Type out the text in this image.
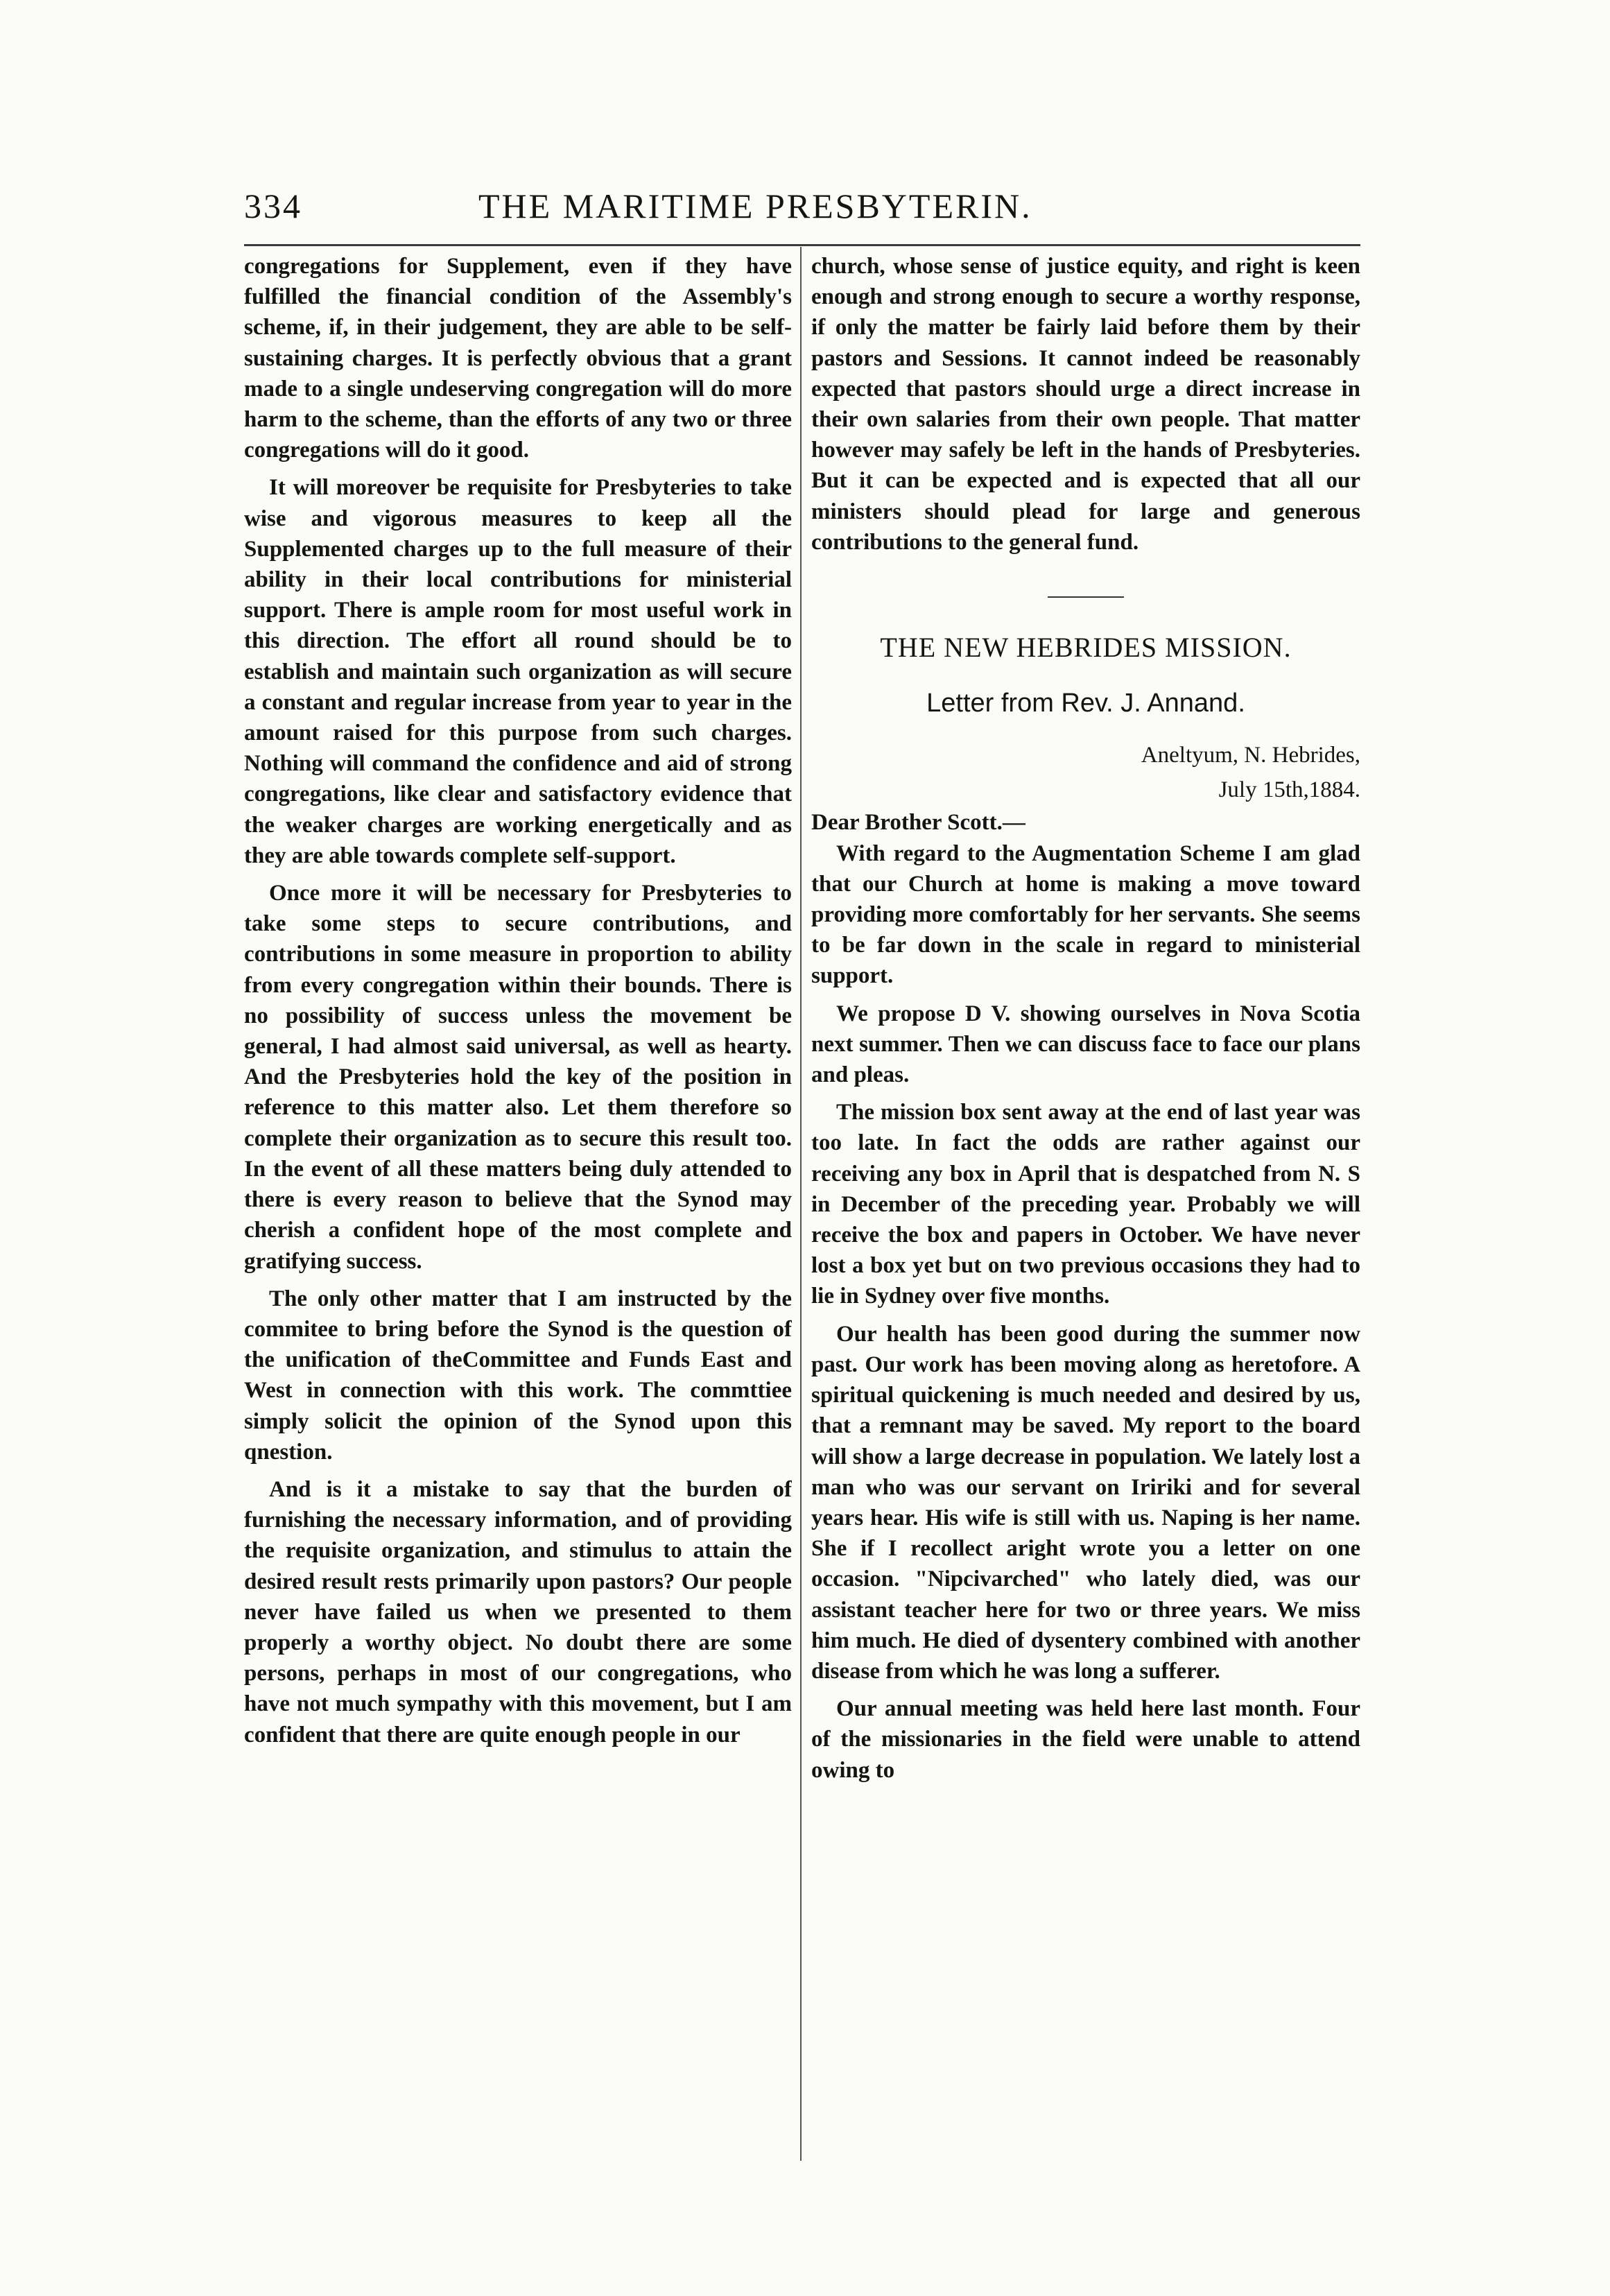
334	THE MARITIME PRESBYTERIN.

congregations for Supplement, even if they have fulfilled the financial condition of the Assembly's scheme, if, in their judgement, they are able to be self-sustaining charges. It is perfectly obvious that a grant made to a single undeserving congregation will do more harm to the scheme, than the efforts of any two or three congregations will do it good.

It will moreover be requisite for Presbyteries to take wise and vigorous measures to keep all the Supplemented charges up to the full measure of their ability in their local contributions for ministerial support. There is ample room for most useful work in this direction. The effort all round should be to establish and maintain such organization as will secure a constant and regular increase from year to year in the amount raised for this purpose from such charges. Nothing will command the confidence and aid of strong congregations, like clear and satisfactory evidence that the weaker charges are working energetically and as they are able towards complete self-support.

Once more it will be necessary for Presbyteries to take some steps to secure contributions, and contributions in some measure in proportion to ability from every congregation within their bounds. There is no possibility of success unless the movement be general, I had almost said universal, as well as hearty. And the Presbyteries hold the key of the position in reference to this matter also. Let them therefore so complete their organization as to secure this result too. In the event of all these matters being duly attended to there is every reason to believe that the Synod may cherish a confident hope of the most complete and gratifying success.

The only other matter that I am instructed by the commitee to bring before the Synod is the question of the unification of theCommittee and Funds East and West in connection with this work. The commttiee simply solicit the opinion of the Synod upon this qnestion.

And is it a mistake to say that the burden of furnishing the necessary information, and of providing the requisite organization, and stimulus to attain the desired result rests primarily upon pastors? Our people never have failed us when we presented to them properly a worthy object. No doubt there are some persons, perhaps in most of our congregations, who have not much sympathy with this movement, but I am confident that there are quite enough people in our

church, whose sense of justice equity, and right is keen enough and strong enough to secure a worthy response, if only the matter be fairly laid before them by their pastors and Sessions. It cannot indeed be reasonably expected that pastors should urge a direct increase in their own salaries from their own people. That matter however may safely be left in the hands of Presbyteries. But it can be expected and is expected that all our ministers should plead for large and generous contributions to the general fund.

THE NEW HEBRIDES MISSION.
Letter from Rev. J. Annand.

Aneltyum, N. Hebrides,

July 15th,1884.

Dear Brother Scott.—

With regard to the Augmentation Scheme I am glad that our Church at home is making a move toward providing more comfortably for her servants. She seems to be far down in the scale in regard to ministerial support.

We propose D V. showing ourselves in Nova Scotia next summer. Then we can discuss face to face our plans and pleas.

The mission box sent away at the end of last year was too late. In fact the odds are rather against our receiving any box in April that is despatched from N. S in December of the preceding year. Probably we will receive the box and papers in October. We have never lost a box yet but on two previous occasions they had to lie in Sydney over five months.

Our health has been good during the summer now past. Our work has been moving along as heretofore. A spiritual quickening is much needed and desired by us, that a remnant may be saved. My report to the board will show a large decrease in population. We lately lost a man who was our servant on Iririki and for several years hear. His wife is still with us. Naping is her name. She if I recollect aright wrote you a letter on one occasion. "Nipcivarched" who lately died, was our assistant teacher here for two or three years. We miss him much. He died of dysentery combined with another disease from which he was long a sufferer.

Our annual meeting was held here last month. Four of the missionaries in the field were unable to attend owing to
